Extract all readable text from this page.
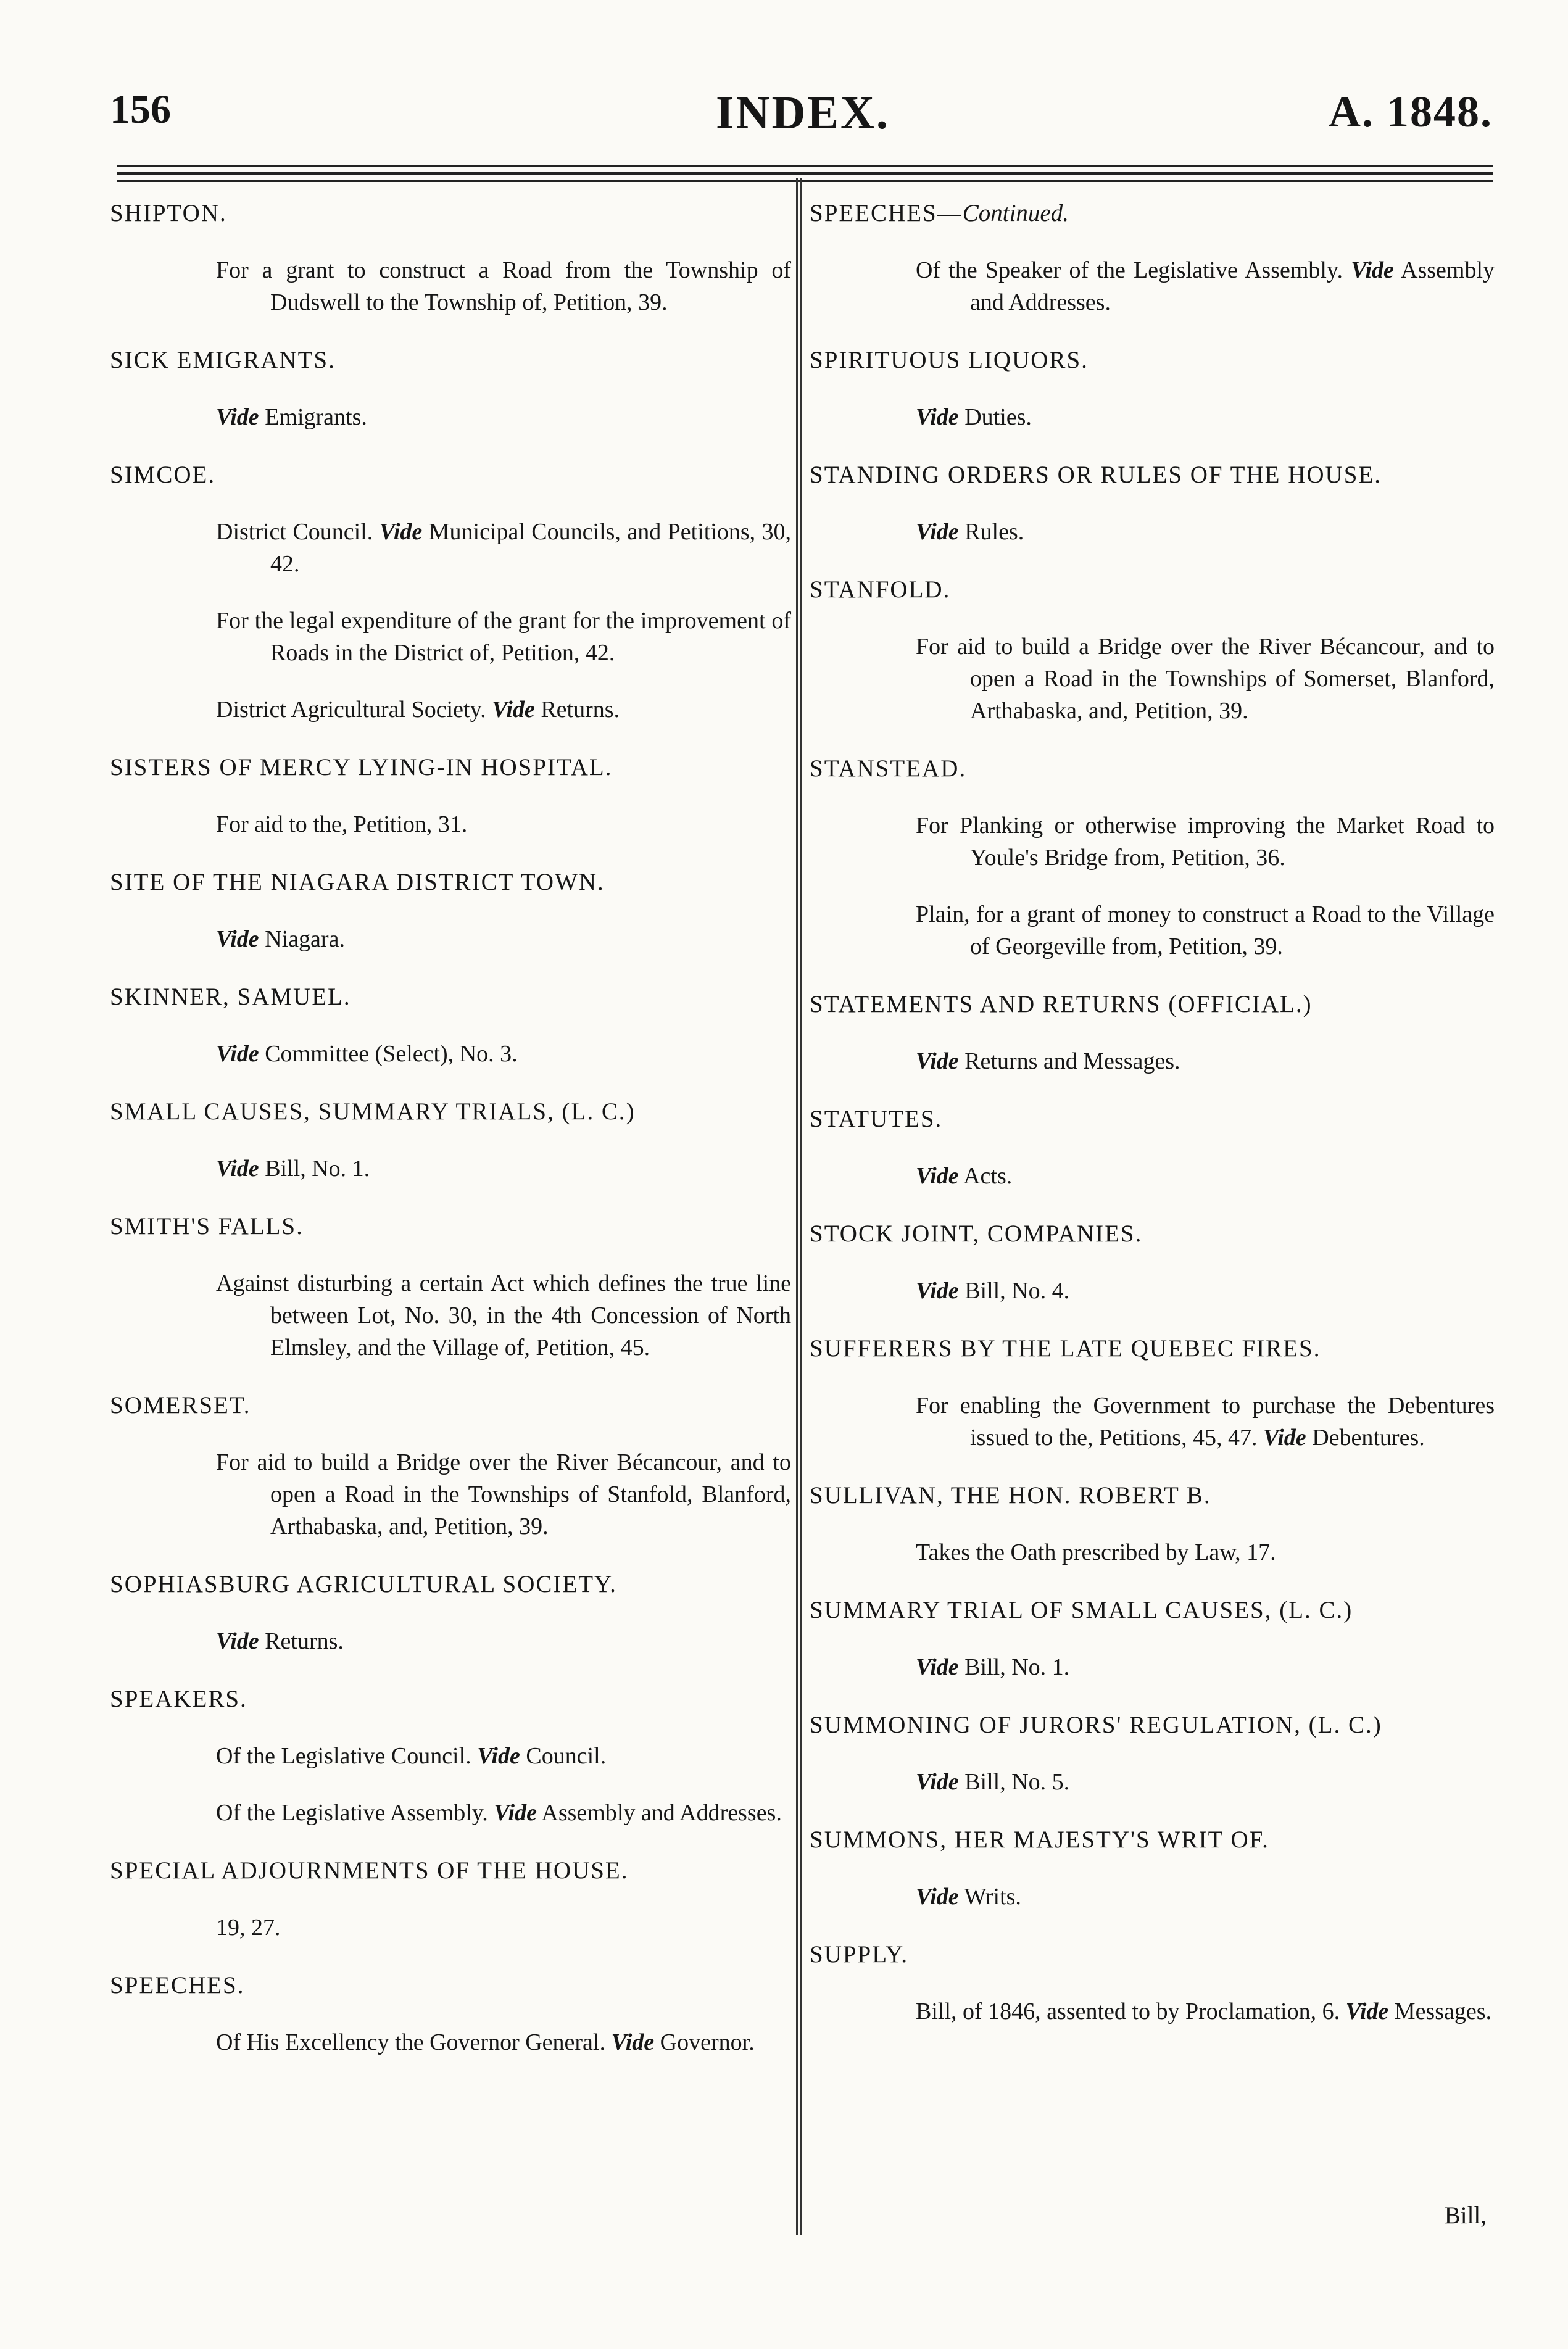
156	INDEX.	A. 1848.
SHIPTON.
For a grant to construct a Road from the Township of Dudswell to the Township of, Petition, 39.
SICK EMIGRANTS.
Vide Emigrants.
SIMCOE.
District Council. Vide Municipal Councils, and Petitions, 30, 42.
For the legal expenditure of the grant for the improvement of Roads in the District of, Petition, 42.
District Agricultural Society. Vide Returns.
SISTERS OF MERCY LYING-IN HOSPITAL.
For aid to the, Petition, 31.
SITE OF THE NIAGARA DISTRICT TOWN.
Vide Niagara.
SKINNER, SAMUEL.
Vide Committee (Select), No. 3.
SMALL CAUSES, SUMMARY TRIALS, (L. C.)
Vide Bill, No. 1.
SMITH'S FALLS.
Against disturbing a certain Act which defines the true line between Lot, No. 30, in the 4th Concession of North Elmsley, and the Village of, Petition, 45.
SOMERSET.
For aid to build a Bridge over the River Bécancour, and to open a Road in the Townships of Stanfold, Blanford, Arthabaska, and, Petition, 39.
SOPHIASBURG AGRICULTURAL SOCIETY.
Vide Returns.
SPEAKERS.
Of the Legislative Council. Vide Council.
Of the Legislative Assembly. Vide Assembly and Addresses.
SPECIAL ADJOURNMENTS OF THE HOUSE.
19, 27.
SPEECHES.
Of His Excellency the Governor General. Vide Governor.
SPEECHES—Continued.
Of the Speaker of the Legislative Assembly. Vide Assembly and Addresses.
SPIRITUOUS LIQUORS.
Vide Duties.
STANDING ORDERS OR RULES OF THE HOUSE.
Vide Rules.
STANFOLD.
For aid to build a Bridge over the River Bécancour, and to open a Road in the Townships of Somerset, Blanford, Arthabaska, and, Petition, 39.
STANSTEAD.
For Planking or otherwise improving the Market Road to Youle's Bridge from, Petition, 36.
Plain, for a grant of money to construct a Road to the Village of Georgeville from, Petition, 39.
STATEMENTS AND RETURNS (OFFICIAL.)
Vide Returns and Messages.
STATUTES.
Vide Acts.
STOCK JOINT, COMPANIES.
Vide Bill, No. 4.
SUFFERERS BY THE LATE QUEBEC FIRES.
For enabling the Government to purchase the Debentures issued to the, Petitions, 45, 47. Vide Debentures.
SULLIVAN, THE HON. ROBERT B.
Takes the Oath prescribed by Law, 17.
SUMMARY TRIAL OF SMALL CAUSES, (L. C.)
Vide Bill, No. 1.
SUMMONING OF JURORS' REGULATION, (L. C.)
Vide Bill, No. 5.
SUMMONS, HER MAJESTY'S WRIT OF.
Vide Writs.
SUPPLY.
Bill, of 1846, assented to by Proclamation, 6. Vide Messages.
Bill,
